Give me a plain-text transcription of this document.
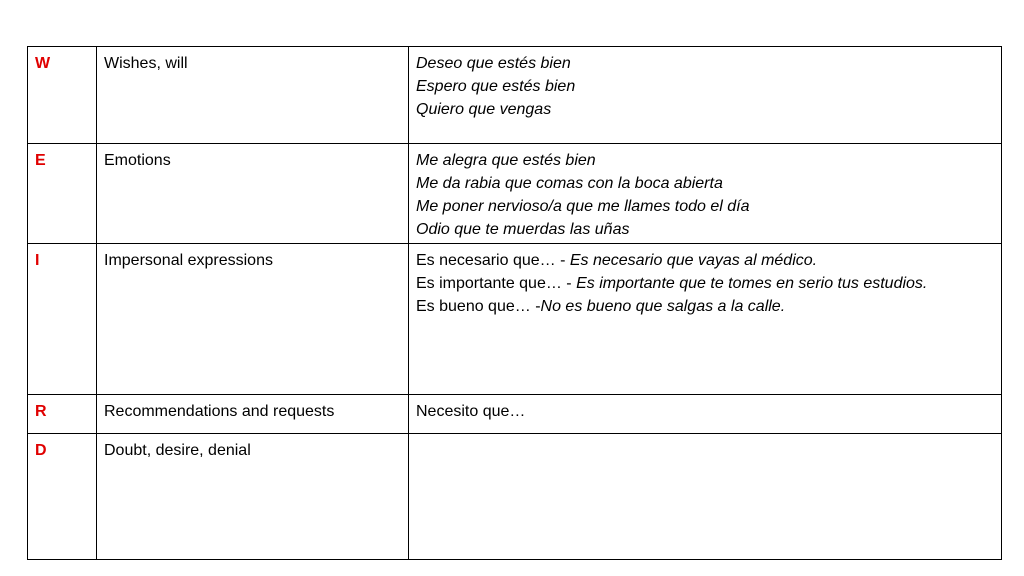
W	Wishes, will	Deseo que estés bien
Espero que estés bien
Quiero que vengas

E	Emotions	Me alegra que estés bien
Me da rabia que comas con la boca abierta
Me poner nervioso/a que me llames todo el día
Odio que te muerdas las uñas

I	Impersonal expressions	Es necesario que… - Es necesario que vayas al médico.
Es importante que… - Es importante que te tomes en serio tus estudios.
Es bueno que… -No es bueno que salgas a la calle.

R	Recommendations and requests	Necesito que…

D	Doubt, desire, denial	
